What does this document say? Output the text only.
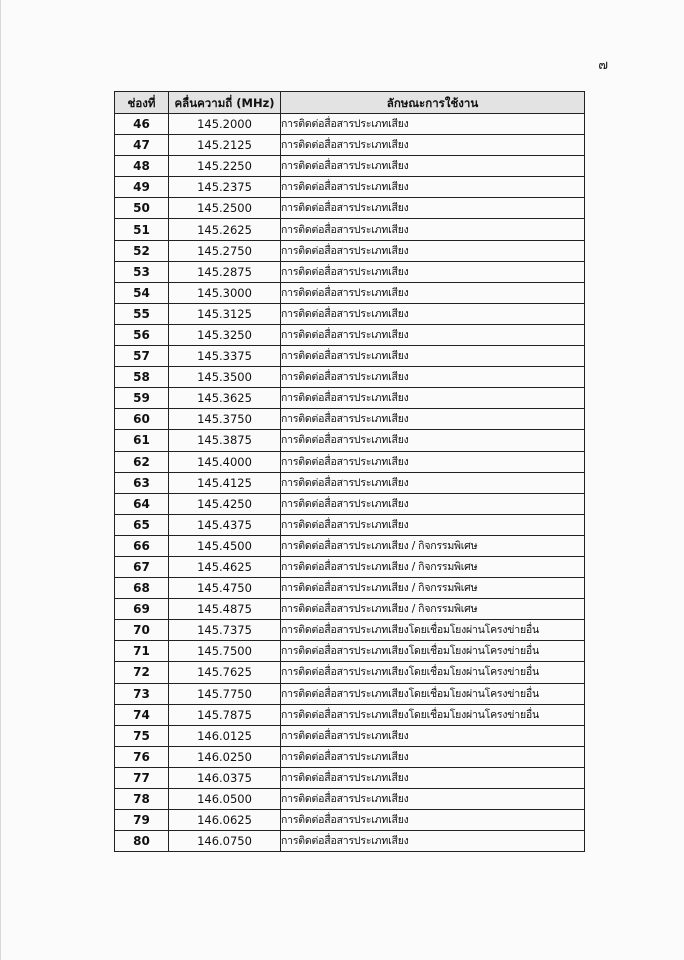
๗
ช่องที่	คลื่นความถี่ (MHz)	ลักษณะการใช้งาน
46	145.2000	การติดต่อสื่อสารประเภทเสียง
47	145.2125	การติดต่อสื่อสารประเภทเสียง
48	145.2250	การติดต่อสื่อสารประเภทเสียง
49	145.2375	การติดต่อสื่อสารประเภทเสียง
50	145.2500	การติดต่อสื่อสารประเภทเสียง
51	145.2625	การติดต่อสื่อสารประเภทเสียง
52	145.2750	การติดต่อสื่อสารประเภทเสียง
53	145.2875	การติดต่อสื่อสารประเภทเสียง
54	145.3000	การติดต่อสื่อสารประเภทเสียง
55	145.3125	การติดต่อสื่อสารประเภทเสียง
56	145.3250	การติดต่อสื่อสารประเภทเสียง
57	145.3375	การติดต่อสื่อสารประเภทเสียง
58	145.3500	การติดต่อสื่อสารประเภทเสียง
59	145.3625	การติดต่อสื่อสารประเภทเสียง
60	145.3750	การติดต่อสื่อสารประเภทเสียง
61	145.3875	การติดต่อสื่อสารประเภทเสียง
62	145.4000	การติดต่อสื่อสารประเภทเสียง
63	145.4125	การติดต่อสื่อสารประเภทเสียง
64	145.4250	การติดต่อสื่อสารประเภทเสียง
65	145.4375	การติดต่อสื่อสารประเภทเสียง
66	145.4500	การติดต่อสื่อสารประเภทเสียง / กิจกรรมพิเศษ
67	145.4625	การติดต่อสื่อสารประเภทเสียง / กิจกรรมพิเศษ
68	145.4750	การติดต่อสื่อสารประเภทเสียง / กิจกรรมพิเศษ
69	145.4875	การติดต่อสื่อสารประเภทเสียง / กิจกรรมพิเศษ
70	145.7375	การติดต่อสื่อสารประเภทเสียงโดยเชื่อมโยงผ่านโครงข่ายอื่น
71	145.7500	การติดต่อสื่อสารประเภทเสียงโดยเชื่อมโยงผ่านโครงข่ายอื่น
72	145.7625	การติดต่อสื่อสารประเภทเสียงโดยเชื่อมโยงผ่านโครงข่ายอื่น
73	145.7750	การติดต่อสื่อสารประเภทเสียงโดยเชื่อมโยงผ่านโครงข่ายอื่น
74	145.7875	การติดต่อสื่อสารประเภทเสียงโดยเชื่อมโยงผ่านโครงข่ายอื่น
75	146.0125	การติดต่อสื่อสารประเภทเสียง
76	146.0250	การติดต่อสื่อสารประเภทเสียง
77	146.0375	การติดต่อสื่อสารประเภทเสียง
78	146.0500	การติดต่อสื่อสารประเภทเสียง
79	146.0625	การติดต่อสื่อสารประเภทเสียง
80	146.0750	การติดต่อสื่อสารประเภทเสียง
